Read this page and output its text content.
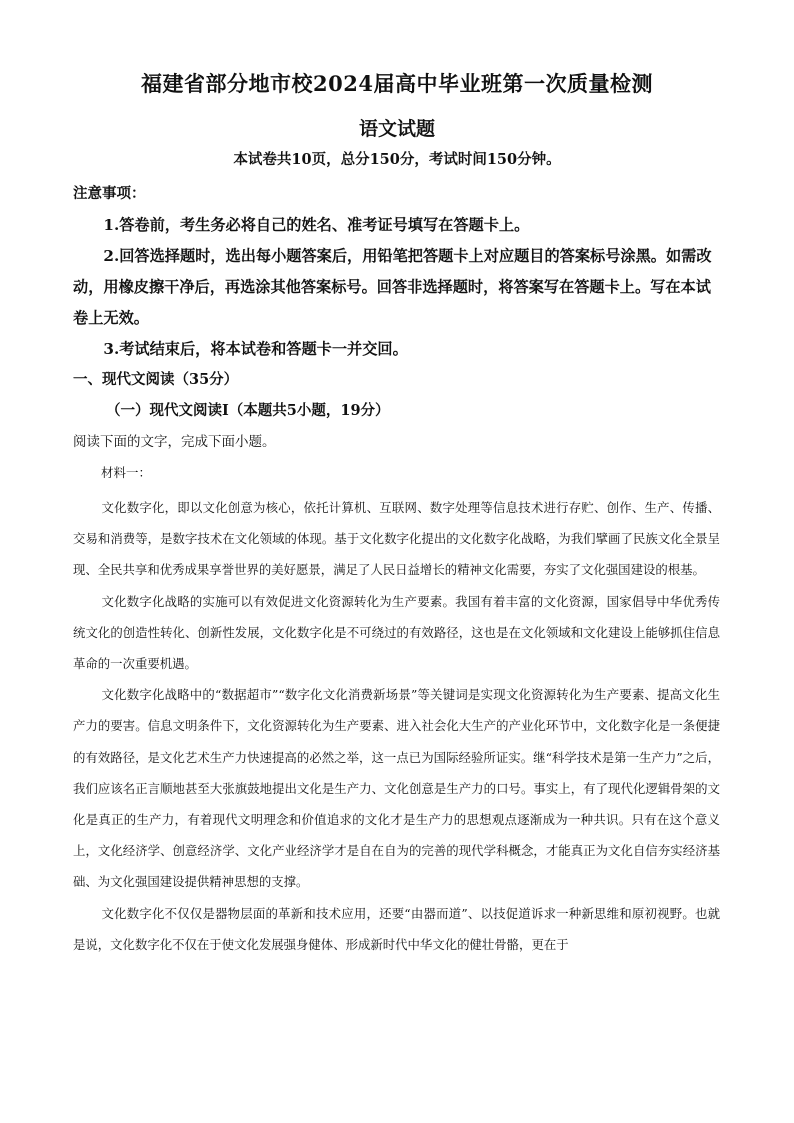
福建省部分地市校2024届高中毕业班第一次质量检测
语文试题
本试卷共10页，总分150分，考试时间150分钟。
注意事项：

1.答卷前，考生务必将自己的姓名、准考证号填写在答题卡上。

2.回答选择题时，选出每小题答案后，用铅笔把答题卡上对应题目的答案标号涂黑。如需改动，用橡皮擦干净后，再选涂其他答案标号。回答非选择题时，将答案写在答题卡上。写在本试卷上无效。

3.考试结束后，将本试卷和答题卡一并交回。

一、现代文阅读（35分）
（一）现代文阅读Ⅰ（本题共5小题，19分）
阅读下面的文字，完成下面小题。
材料一：

文化数字化，即以文化创意为核心，依托计算机、互联网、数字处理等信息技术进行存贮、创作、生产、传播、交易和消费等，是数字技术在文化领域的体现。基于文化数字化提出的文化数字化战略，为我们擘画了民族文化全景呈现、全民共享和优秀成果享誉世界的美好愿景，满足了人民日益增长的精神文化需要，夯实了文化强国建设的根基。

文化数字化战略的实施可以有效促进文化资源转化为生产要素。我国有着丰富的文化资源，国家倡导中华优秀传统文化的创造性转化、创新性发展，文化数字化是不可绕过的有效路径，这也是在文化领域和文化建设上能够抓住信息革命的一次重要机遇。

文化数字化战略中的“数据超市”“数字化文化消费新场景”等关键词是实现文化资源转化为生产要素、提高文化生产力的要害。信息文明条件下，文化资源转化为生产要素、进入社会化大生产的产业化环节中，文化数字化是一条便捷的有效路径，是文化艺术生产力快速提高的必然之举，这一点已为国际经验所证实。继“科学技术是第一生产力”之后，我们应该名正言顺地甚至大张旗鼓地提出文化是生产力、文化创意是生产力的口号。事实上，有了现代化逻辑骨架的文化是真正的生产力，有着现代文明理念和价值追求的文化才是生产力的思想观点逐渐成为一种共识。只有在这个意义上，文化经济学、创意经济学、文化产业经济学才是自在自为的完善的现代学科概念，才能真正为文化自信夯实经济基础、为文化强国建设提供精神思想的支撑。

文化数字化不仅仅是器物层面的革新和技术应用，还要“由器而道”、以技促道诉求一种新思维和原初视野。也就是说，文化数字化不仅在于使文化发展强身健体、形成新时代中华文化的健壮骨骼，更在于
